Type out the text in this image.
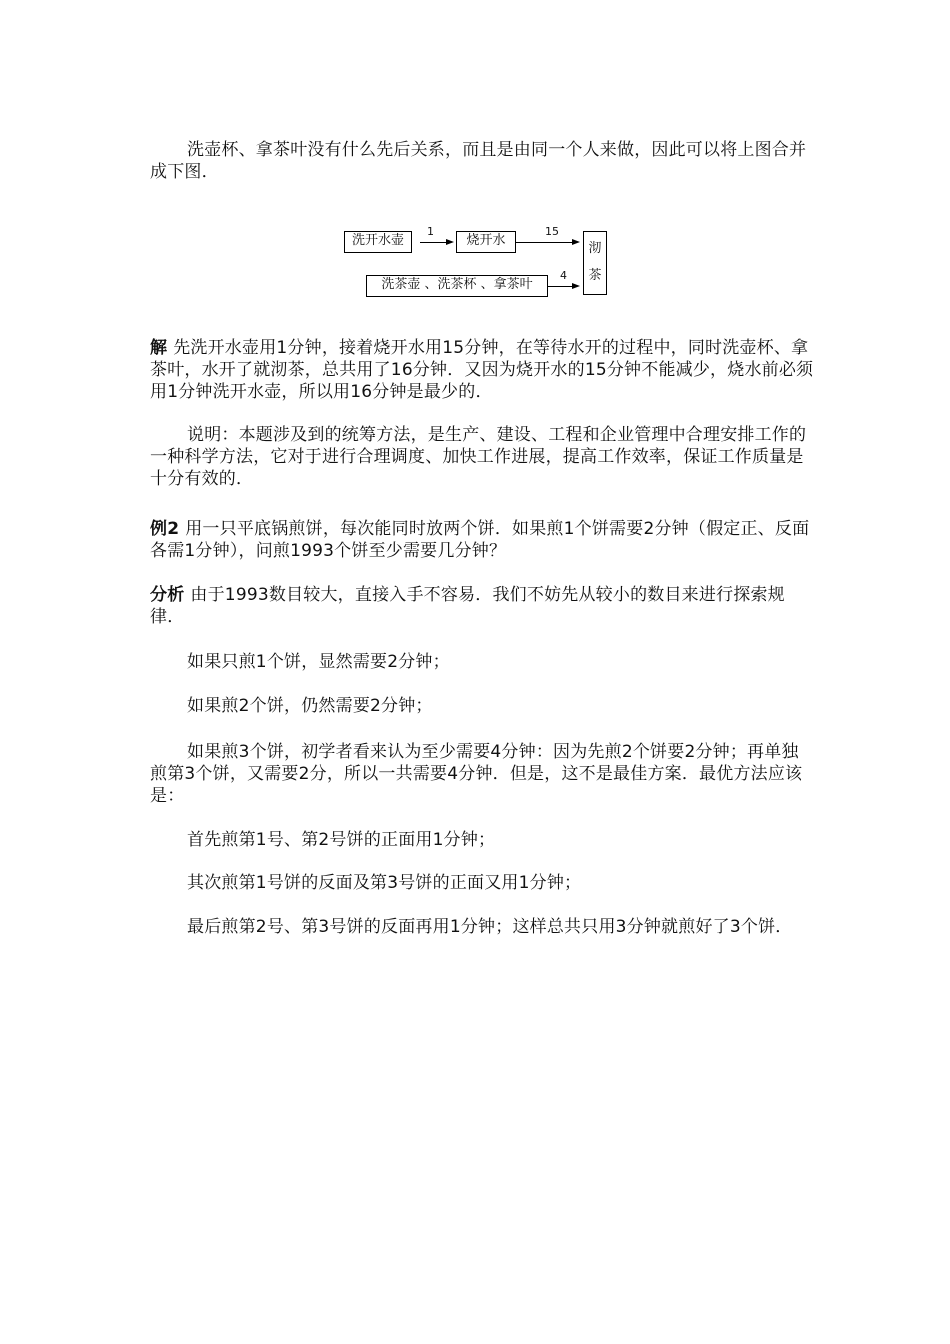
洗壶杯、拿茶叶没有什么先后关系，而且是由同一个人来做，因此可以将上图合并成下图．

洗开水壶
1
烧开水
15
洗茶壶 、洗茶杯 、拿茶叶
4
沏
茶

解 先洗开水壶用1分钟，接着烧开水用15分钟，在等待水开的过程中，同时洗壶杯、拿茶叶，水开了就沏茶，总共用了16分钟．又因为烧开水的15分钟不能减少，烧水前必须用1分钟洗开水壶，所以用16分钟是最少的．

说明：本题涉及到的统筹方法，是生产、建设、工程和企业管理中合理安排工作的一种科学方法，它对于进行合理调度、加快工作进展，提高工作效率，保证工作质量是十分有效的．

例2 用一只平底锅煎饼，每次能同时放两个饼．如果煎1个饼需要2分钟（假定正、反面各需1分钟），问煎1993个饼至少需要几分钟？

分析 由于1993数目较大，直接入手不容易．我们不妨先从较小的数目来进行探索规律．

如果只煎1个饼，显然需要2分钟；

如果煎2个饼，仍然需要2分钟；

如果煎3个饼，初学者看来认为至少需要4分钟：因为先煎2个饼要2分钟；再单独煎第3个饼，又需要2分，所以一共需要4分钟．但是，这不是最佳方案．最优方法应该是：

首先煎第1号、第2号饼的正面用1分钟；

其次煎第1号饼的反面及第3号饼的正面又用1分钟；

最后煎第2号、第3号饼的反面再用1分钟；这样总共只用3分钟就煎好了3个饼．
